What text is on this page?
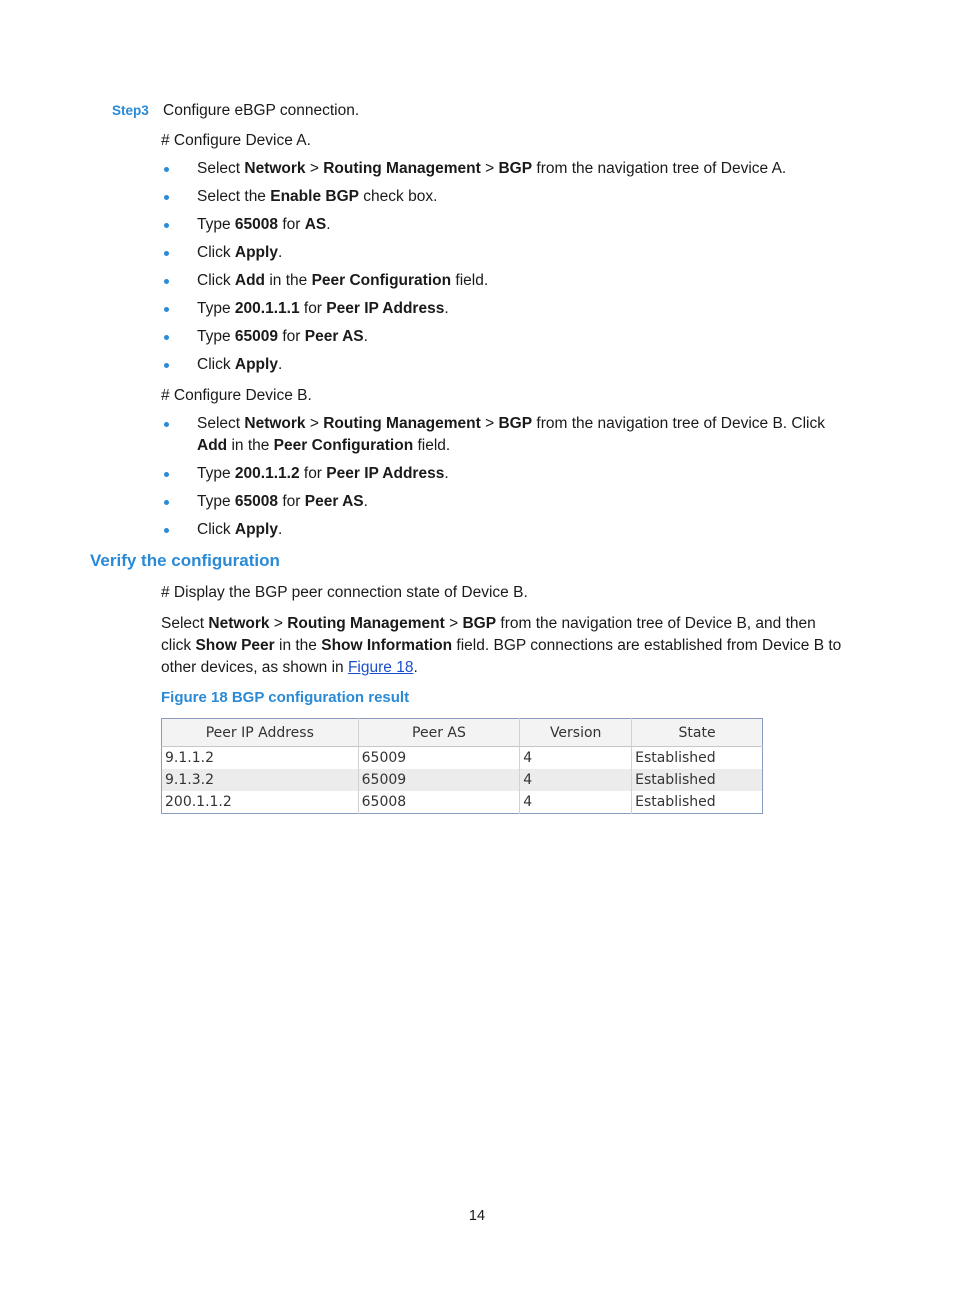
Step3 Configure eBGP connection.
# Configure Device A.
Select Network > Routing Management > BGP from the navigation tree of Device A.
Select the Enable BGP check box.
Type 65008 for AS.
Click Apply.
Click Add in the Peer Configuration field.
Type 200.1.1.1 for Peer IP Address.
Type 65009 for Peer AS.
Click Apply.
# Configure Device B.
Select Network > Routing Management > BGP from the navigation tree of Device B. Click
Add in the Peer Configuration field.
Type 200.1.1.2 for Peer IP Address.
Type 65008 for Peer AS.
Click Apply.
Verify the configuration
# Display the BGP peer connection state of Device B.
Select Network > Routing Management > BGP from the navigation tree of Device B, and then
click Show Peer in the Show Information field. BGP connections are established from Device B to
other devices, as shown in Figure 18.
Figure 18 BGP configuration result
Peer IP Address	Peer AS	Version	State
9.1.1.2	65009	4	Established
9.1.3.2	65009	4	Established
200.1.1.2	65008	4	Established
14
